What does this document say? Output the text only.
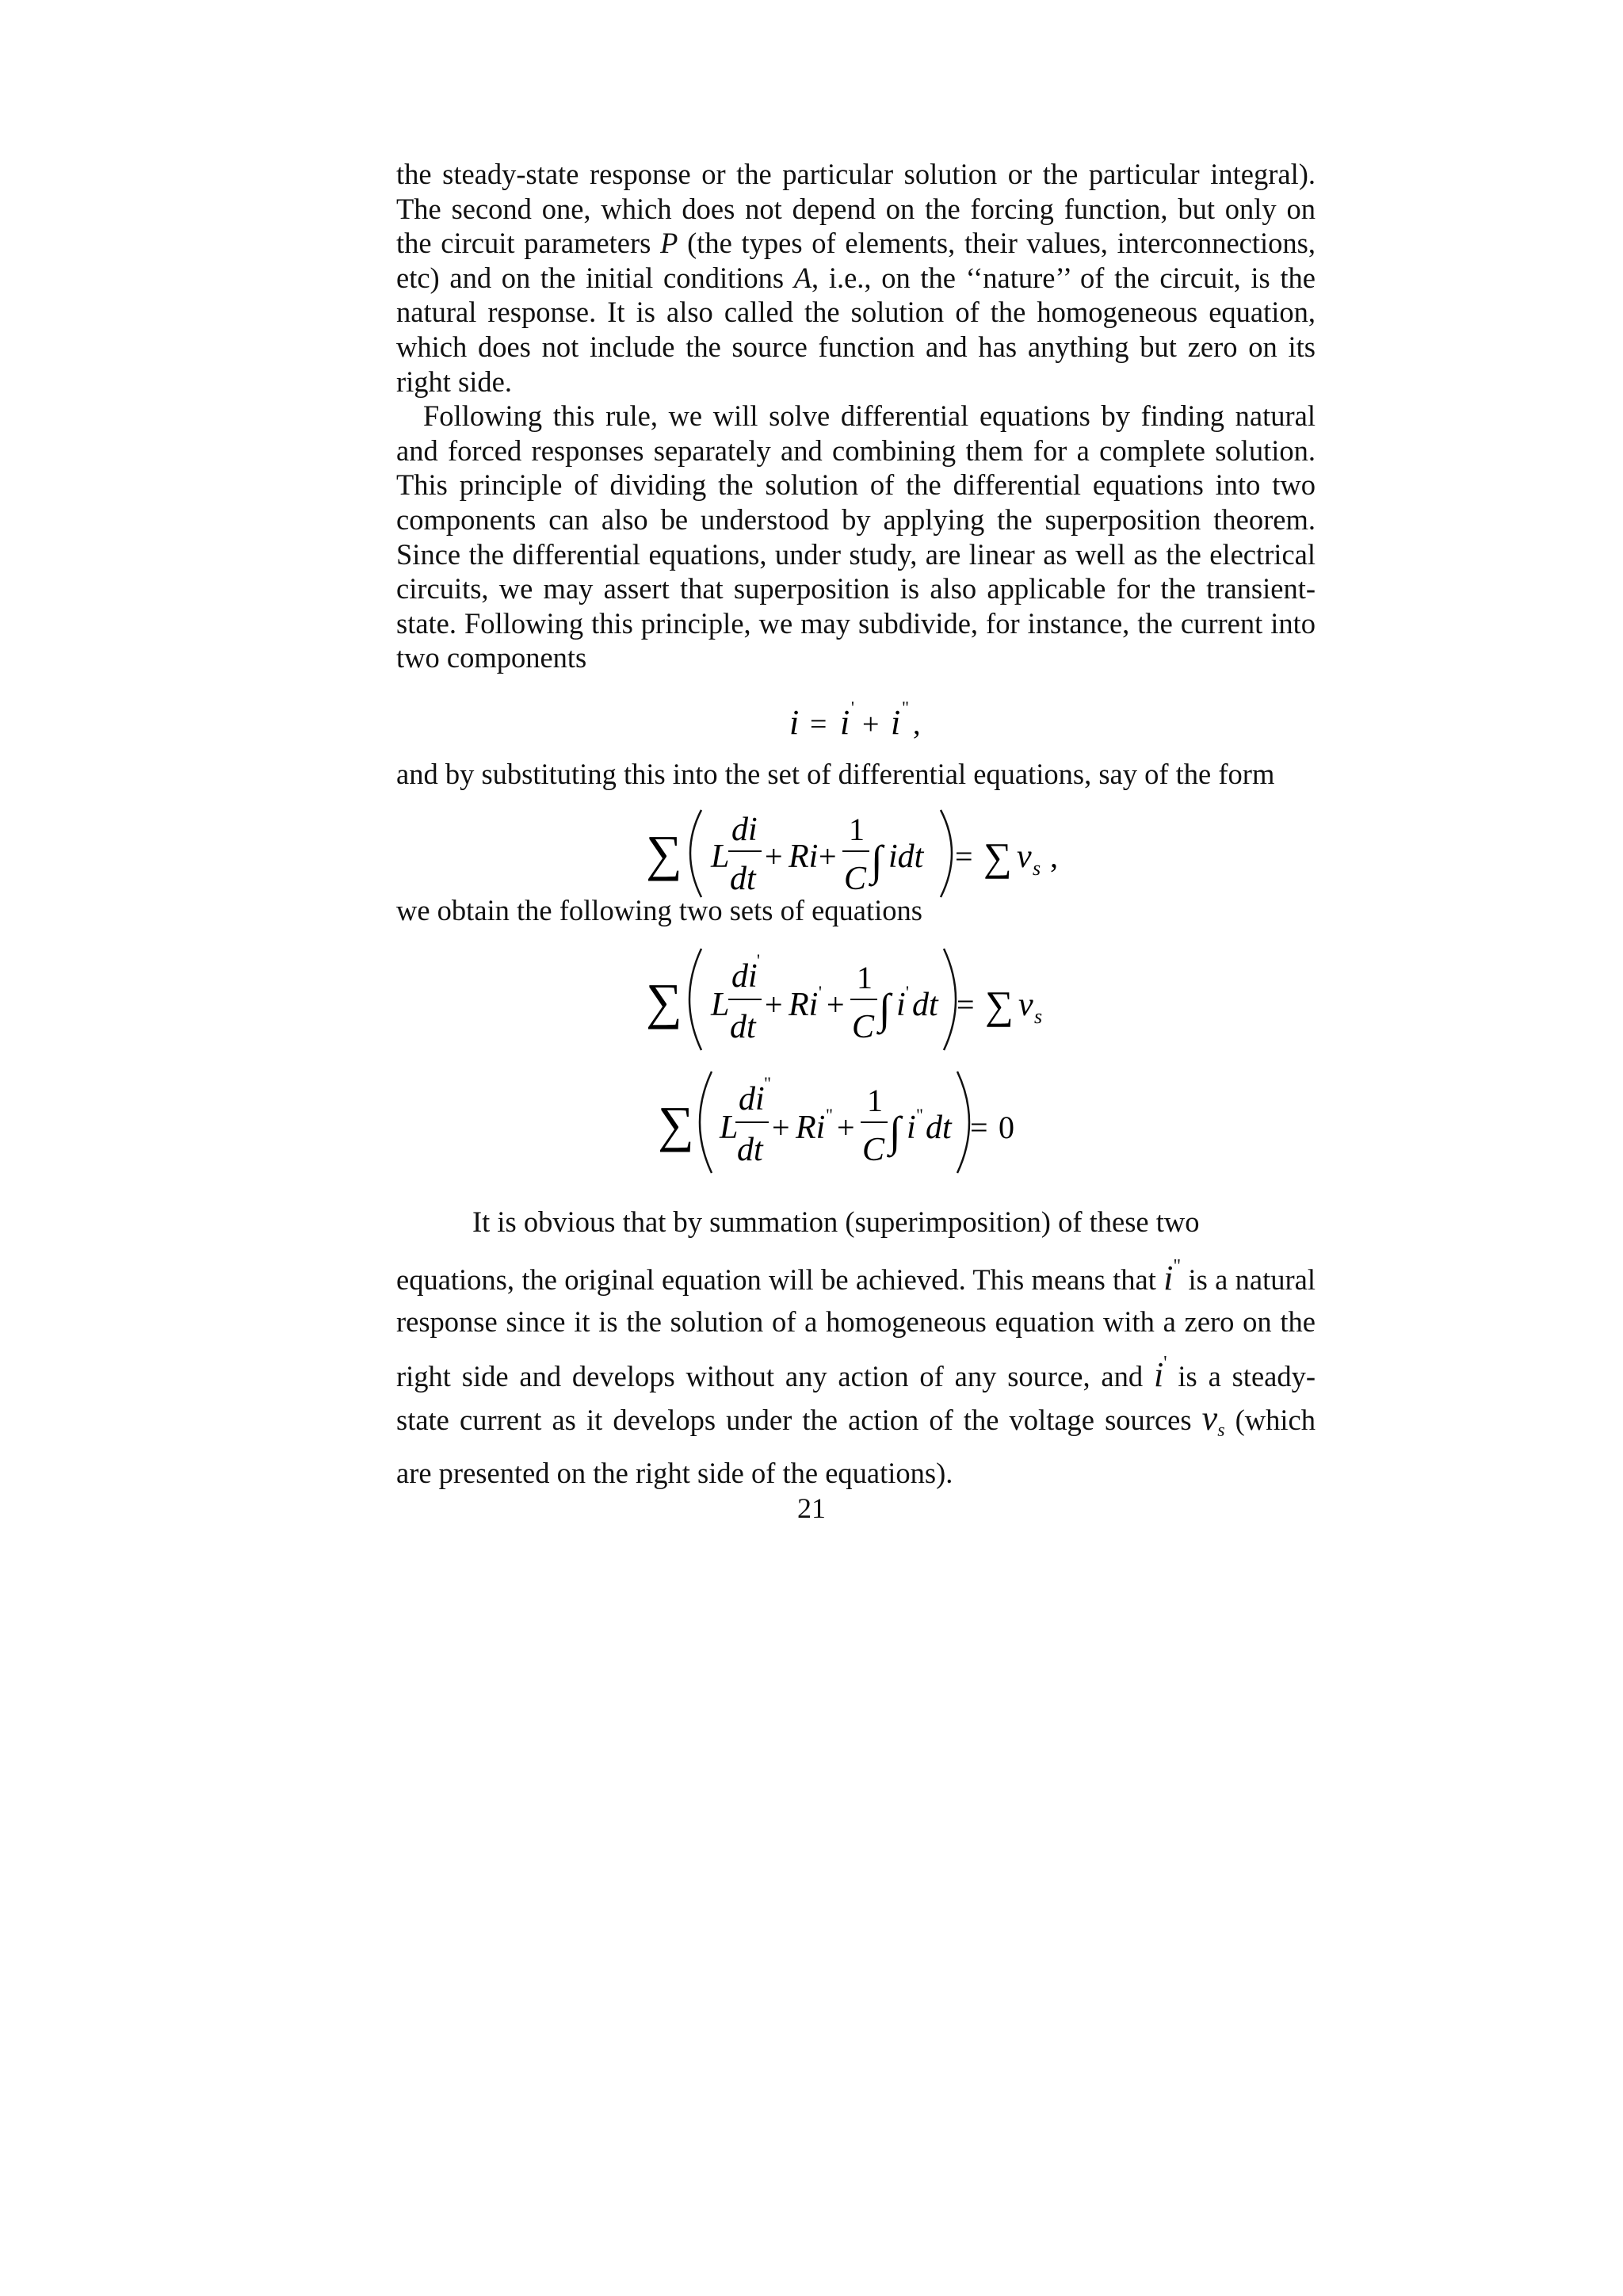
the steady-state response or the particular solution or the particular integral). The second one, which does not depend on the forcing function, but only on the circuit parameters P (the types of elements, their values, interconnections, etc) and on the initial conditions A, i.e., on the ‘‘nature’’ of the circuit, is the natural response. It is also called the solution of the homogeneous equation, which does not include the source function and has anything but zero on its right side.

Following this rule, we will solve differential equations by finding natural and forced responses separately and combining them for a complete solution. This principle of dividing the solution of the differential equations into two components can also be understood by applying the superposition theorem. Since the differential equations, under study, are linear as well as the electrical circuits, we may assert that superposition is also applicable for the transient-state. Following this principle, we may subdivide, for instance, the current into two components

i = i '
+ i "
,

and by substituting this into the set of differential equations, say of the form

∑ L
di
dt
+ Ri +
1
C ∫ idt = ∑ v s ,

we obtain the following two sets of equations

∑ L
di '
dt
+ Ri ' +
1
C ∫ i ' dt = ∑ v s
∑ L
di "
dt
+ Ri " +
1
C ∫ i " dt = 0

It is obvious that by summation (superimposition) of these two

equations, the original equation will be achieved. This means that i" is a natural response since it is the solution of a homogeneous equation with a zero on the right side and develops without any action of any source, and i' is a steady-state current as it develops under the action of the voltage sources $v_s$ (which are presented on the right side of the equations).

21
